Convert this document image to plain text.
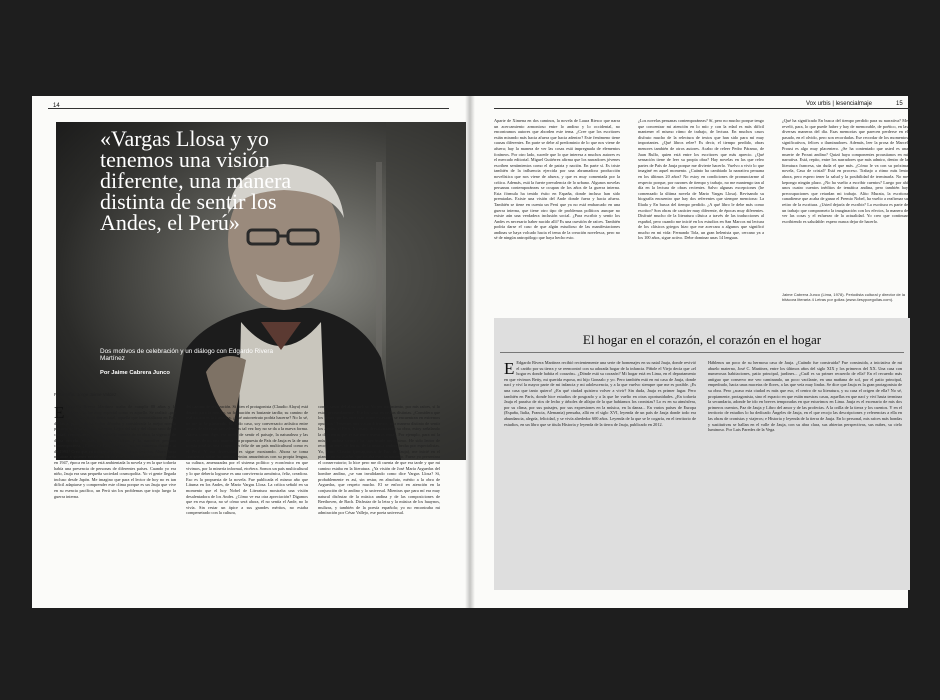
14	15
Vox urbis | lesencialmaje
«Vargas Llosa y yo tenemos una visión diferente, una manera distinta de sentir los Andes, el Perú»
Dos motivos de celebración y un diálogo con Edgardo Rivera Martínez
Por Jaime Cabrera Junco
Fotografía: Jorge Jaime Valdez
E Edgardo Rivera Martínez acaba de cumplir 80 años y la celebración fue muy especial como es aquella. Se realizó –por fin– en Jauja, su tierra natal, aquella que inmortalizara en País de Jauja, publicada hace dos décadas y considerada la mejor novela peruana de la década del noventa. Lejos del sol y del clima seco de su ciudad, conversamos con él sobre la esencia de su obra, la vigencia de dicha novela, el hábito de la escritura y la narrativa peruana contemporánea. ¿Cómo ve País de Jauja, con un contexto distinto al de 1993? Creo que está vigente en muchísimos sentidos. Ahora Jauja no atrae a quienes necesitan curarse de la tuberculosis, como ocurría en 1947, época en la que está ambientada la novela y en la que todavía había una presencia de personas de diferentes países. Cuando yo era niño, Jauja era una pequeña sociedad cosmopolita. Yo vi gente llegada incluso desde Japón. Me imagino que para el lector de hoy no es tan difícil adaptarse y comprender este clima porque es un Jauja que vive en su esencia pacífico, un Perú sin los problemas que trajo luego la guerra interna.
del camino de realización. Si bien el protagonista (Claudio Alaya) está dotado para la música, su formación es bastante tardía; su camino de realización es la literatura. ¿Qué autorretrato podría hacerse? No lo sé, no me lo he planteado. En todo caso, soy conversacio artística entre gustos de diversas procedencias tal vez hoy no se da a la nueva forma. Ahora, como digo, ese modo de sentir el paisaje, la naturaleza y las raíces es de mi otra manera. La propuesta de País de Jauja es la de una utopía posible, una conjunción feliz de un país multicultural como es el Perú. Y esa diversidad es sigue mostrando. Ahora se toma conciencia sobre las muchas etnias amazónicas con su propia lengua, su cultura, amenazadas por el sistema político y económico en que vivimos, por la minería informal, etcétera. Somos un país multicultural y lo que debería lograrse es una convivencia armónica, feliz, creadora. Eso es la propuesta de la novela. Fue publicada el mismo año que Lituma en los Andes, de Mario Vargas Llosa. La crítica señaló en su momento que el hoy Nobel de Literatura mostraba una visión desalentadora de los Andes. ¿Cómo ve esa otra apreciación? Digamos que en esa época, no sé cómo será ahora, él no sentía el Ande, no lo vivía. Sin restar un ápice a sus grandes méritos, no estaba compenetrado con la cultura,
con el sentir del alma andina. Yo por nacimiento, por mis raíces, sí lo estoy profundamente. Eso los sitúa en orillas distintas. ¿Considera que los temas que les interesan como escritores se encuentran en extremos opuestos? Tenemos una visión diferente, una manera distinta de sentir los Andes, el Perú. No estoy desvalorizando su obra, estoy señalando la diferencia que existe entre nuestros temas. Por ejemplo, para mí la música andina siempre ha significado muchísimo. He sido lector de recopilaciones de letras, de la música andina hecha por especialistas. Yo, como Claudio (protagonista de País de Jauja), me inicié en el piano con mi madre, que tocaba ese instrumento. Fuese yo presentara el conservatorio; lo hice pero me di cuenta de que era tarde y que mi camino estaba en la literatura. ¿Ya visión de José María Arguedas del hombre andino, ¿se van invalidando como dice Vargas Llosa? Sí, probablemente es así, sin restar, en absoluto, mérito a la obra de Arguedas, que respeto mucho. El se enfocó en atención en la conjunción de lo andino y lo universal. Mientras que para mí era muy natural disfrutar de la música andina y de las composiciones de Beethoven, de Bach. Disfrutar de la letra y la música de los huaynos, mulizas, y también de la poesía española; yo no encontraba mi admiración por César Vallejo, ese poeta universal.
Aparte de Ximena en dos caminos, la novela de Laura Riesco que narra un acercamiento armonioso entre lo andino y lo occidental, no encontramos autores que aborden este tema. ¿Cree que los escritores están mirando más hacia afuera que hacia adentro? Este fenómeno tiene causas diferentes. En parte se debe al predominio de lo que nos viene de afuera; hay la manera de ver las cosas está impregnada de elementos foráneos. Por otro lado, sucede que lo que interesa a muchos autores es el mercado editorial. Miguel Gutiérrez afirma que los narradores jóvenes escriben sentimientos como el de patria y nación. En parte sí. Es triste también de la influencia ejercida por una abrumadora producción novelística que nos viene de afuera, y que es muy comentada por la crítica. Además, está la fuerte prevalencia de lo urbano. Algunos novelas peruanas contemporáneas se ocupan de los años de la guerra interna. Esta fórmula ha tenido éxito en España, donde incluso han sido premiadas. Existe una visión del Ande donde fuera y hacia afuera. También se tiene en cuenta un Perú que ya no está embarcado en una guerra interna, que tiene otro tipo de problemas políticos aunque no existe aún una verdadera inclusión social. ¿Para escribir y sentir los Andes es necesario haber nacido allí? Es una cuestión de raíces. También podría darse el caso de que algún estudioso de las manifestaciones andinas se haya volcado hacia el tema de la creación novelesca, pero no sé de ningún antropólogo que haya hecho esto.
¿Los novelas peruanas contemporáneas? Sí, pero no mucho porque tengo que concentrar mi atención en lo mío y con la edad es más difícil mantener el mismo ritmo de trabajo, de lectura. En muchos casos disfruto mucho de la relectura de textos que han sido para mí muy importantes. ¿Qué libros relee? Es decir, el tiempo perdido, obras menores también de otros autores. Acabo de releer Pedro Páramo, de Juan Rulfo, quien está entre los escritores que más aprecio. ¿Qué sensación tiene de leer su propia obra? Hay novelas en las que releo partes de País de Jauja porque me divierte hacerlo. Vuelvo a vivir lo que imaginé en aquel momento. ¿Cuánto ha cambiado la narrativa peruana en los últimos 20 años? No estoy en condiciones de pronunciarme al respecto porque, por razones de tiempo y trabajo, no me mantengo tan al día en la lectura de obras recientes. Salvo algunas excepciones (he comenzado la última novela de Mario Vargas Llosa). Revisando su biografía encuentro que hay dos referentes que siempre menciona: La Ilíada y En busca del tiempo perdido. ¿A qué libro le debe más como escritor? Son obras de carácter muy diferente, de épocas muy diferentes. Disfruté mucho de la literatura clásica a través de las traducciones al español, pero cuando me inicié en los estudios en San Marcos mi lectura de los clásicos griegos hizo que me acercara a algunos que significó mucho en mi vida: Fernando Tola, un gran helenista que, cercano ya a los 100 años, sigue activo. Debe dominar unas 14 lenguas.
¿Qué ha significado En busca del tiempo perdido para su narrativa? Me reveló, para, lo que puede haber y hay de memorable, de poético, en las diversas maneras del día. Esas memorias que parecen perderse en el pasado, en el olvido, pero son recordadas. Ese recordar de los momentos significativos, felices o iluminadores. Además, leer la prosa de Marcel Proust es algo muy placentero. ¿Se ha contentado que usted es una muerte de Proust andino? Quizá haya componentes proustianos en mi narrativa. Está, repito, entre los narradores que más admiro, dentro de la literatura francesa, sin duda el que más. ¿Cómo le va con su próxima novela, Casa de cristal? Está en proceso. Trabajo a ritmo más lento ahora, pero espero tener la salud y la posibilidad de terminarla. No me kepongo ningún plazo. ¿No ha vuelto a escribir cuentos? Luego por ahí unos cuatro cuentos inéditos de temática andina, pero también hay preocupaciones que retardan mi trabajo. Alito Murata, la escritora canadiense que acaba de ganar el Premio Nobel, ha vuelto a reafirmar su retiro de la escritura. ¿Usted dejaría de escribir? La escritura es parte de un trabajo que comprometo la imaginación con los efectos, la manera de ver las cosas y el esfuerzo de la actualidad. Yo creo que continuar escribiendo es saludable: espero nunca dejar de hacerlo.
Jaime Cabrera Junco (Lima, 1978). Periodista cultural y director de la bitácora literaria 4 Letras por gollas (www.4esypoegollas.com).
El hogar en el corazón, el corazón en el hogar
E Edgardo Rivera Martínez recibió recientemente una serie de homenajes en su natal Jauja, donde revivió el cariño por su tierra y se reencontró con su adorada hogar de la infancia. Piñole el Viejo decía que «el hogar es donde habita el corazón». ¿Dónde está su corazón? Mi hogar está en Lima, en el departamento en que vivimos Betty, mi querida esposa, mi hijo Gonzalo y yo. Pero también está en mi casa de Jauja, donde nací y viví la mayor parte de mi infancia y mi adolescencia, y a la que vuelvo siempre que me es posible. ¡Es una casa que tanto quiero! ¿En qué ciudad quisiera volver a vivir? Sin duda, Jauja es primer lugar. Pero también en París, donde hice estudios de posgrado y a la que he vuelto en otras oportunidades. ¿En todavía Jauja el paraíso de ríos de lecho y árboles de alfajar de la que habíamos los cronistas? Lo es en su atmósfera, por su clima, por sus paisajes, por sus expresiones en la música, en la danza... En varios países de Europa (España, Italia, Francia, Alemania) pensaba, allá en el siglo XVI, leyenda de un país de Jauja donde todo era abundancia, alegría, felicidad, y se vivía alrededor 600 años. Leyenda de la que se le cogaría, en el territorio de estudios, en un libro que se titula Historia y leyenda de la tierra de Jauja, publicado en 2012.
Háblenos un poco de su hermosa casa de Jauja. ¿Cuándo fue construida? Fue construida, a iniciativa de mi abuelo materno, José C. Martínez, entre los últimos años del siglo XIX y los primeros del XX. Una casa con numerosas habitaciones, patio principal, jardines... ¿Cuál es su primer recuerdo de ella? En el recuerdo más antiguo que conservo me veo caminando, un poco vacilante, en una mañana de sol, por el patio principal, empedrado, hacia unas macetas de flores, a las que veía muy lindas. Se dice que Jauja es la gran protagonista de su obra. Pero ¿acaso esta ciudad es más que eso, el centro de su literatura, y su casa el origen de ella? No sé, propiamente, protagonista, sino el espacio en que están nuestras casas, aquellas en que nací y viví hasta terminar la secundaria, adonde he ido en breves temporadas en que estuvimos en Lima. Jauja es el escenario de mis dos primeros cuentos, Paz de Jauja y Libro del amor y de las profecías. A la orilla de la tierra y los cuentos. Y en el territorio de estudios lo ha dedicado Ángeles de Jauja, en el que recojo las descripciones y referencias a ella en las obras de cronistas y viajeros; e Historia y leyenda de la tierra de Jauja. En lo personal, mis raíces más hondas y sustitutivas se hallan en el valle de Jauja, con su abra clara, sus abiertas perspectivas, sus nubes, su cielo luminoso. Por Luis Paredes de la Vega.
